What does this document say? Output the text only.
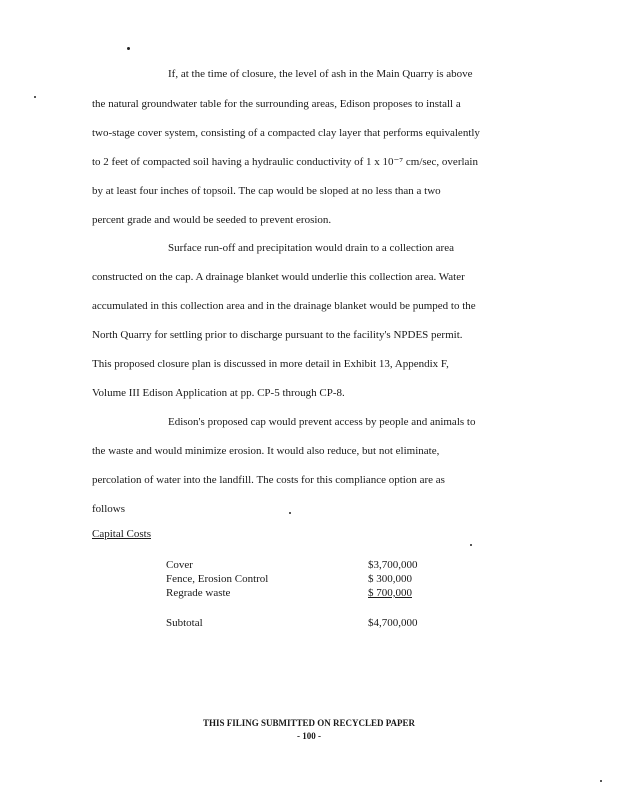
If, at the time of closure, the level of ash in the Main Quarry is above
the natural groundwater table for the surrounding areas, Edison proposes to install a
two-stage cover system, consisting of a compacted clay layer that performs equivalently
to 2 feet of compacted soil having a hydraulic conductivity of 1 x 10⁻⁷ cm/sec, overlain
by at least four inches of topsoil. The cap would be sloped at no less than a two
percent grade and would be seeded to prevent erosion.
Surface run-off and precipitation would drain to a collection area
constructed on the cap. A drainage blanket would underlie this collection area. Water
accumulated in this collection area and in the drainage blanket would be pumped to the
North Quarry for settling prior to discharge pursuant to the facility's NPDES permit.
This proposed closure plan is discussed in more detail in Exhibit 13, Appendix F,
Volume III Edison Application at pp. CP-5 through CP-8.
Edison's proposed cap would prevent access by people and animals to
the waste and would minimize erosion. It would also reduce, but not eliminate,
percolation of water into the landfill. The costs for this compliance option are as
follows
Capital Costs
Cover	$3,700,000
Fence, Erosion Control	$ 300,000
Regrade waste	$ 700,000
Subtotal	$4,700,000
THIS FILING SUBMITTED ON RECYCLED PAPER
- 100 -
